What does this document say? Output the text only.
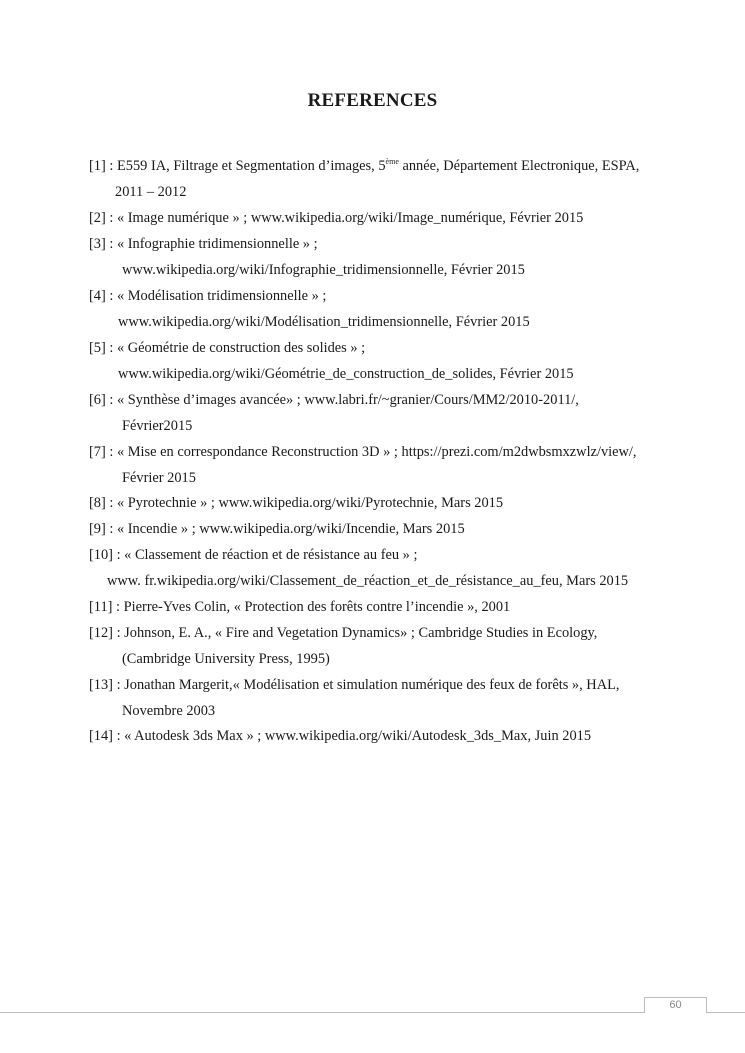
REFERENCES
[1] : E559 IA, Filtrage et Segmentation d’images, 5ème année, Département Electronique, ESPA,
2011 – 2012
[2] : « Image numérique » ; www.wikipedia.org/wiki/Image_numérique, Février 2015
[3] : « Infographie tridimensionnelle » ;
www.wikipedia.org/wiki/Infographie_tridimensionnelle, Février 2015
[4] : « Modélisation tridimensionnelle » ;
www.wikipedia.org/wiki/Modélisation_tridimensionnelle, Février 2015
[5] : « Géométrie de construction des solides » ;
www.wikipedia.org/wiki/Géométrie_de_construction_de_solides, Février 2015
[6] : « Synthèse d’images avancée» ; www.labri.fr/~granier/Cours/MM2/2010-2011/,
Février2015
[7] : « Mise en correspondance Reconstruction 3D » ; https://prezi.com/m2dwbsmxzwlz/view/,
Février 2015
[8] : « Pyrotechnie » ; www.wikipedia.org/wiki/Pyrotechnie, Mars 2015
[9] : « Incendie » ; www.wikipedia.org/wiki/Incendie, Mars 2015
[10] : « Classement de réaction et de résistance au feu » ;
www. fr.wikipedia.org/wiki/Classement_de_réaction_et_de_résistance_au_feu, Mars 2015
[11] : Pierre-Yves Colin, « Protection des forêts contre l’incendie », 2001
[12] : Johnson, E. A., « Fire and Vegetation Dynamics» ; Cambridge Studies in Ecology,
(Cambridge University Press, 1995)
[13] : Jonathan Margerit,« Modélisation et simulation numérique des feux de forêts », HAL,
Novembre 2003
[14] : « Autodesk 3ds Max » ; www.wikipedia.org/wiki/Autodesk_3ds_Max, Juin 2015
60
